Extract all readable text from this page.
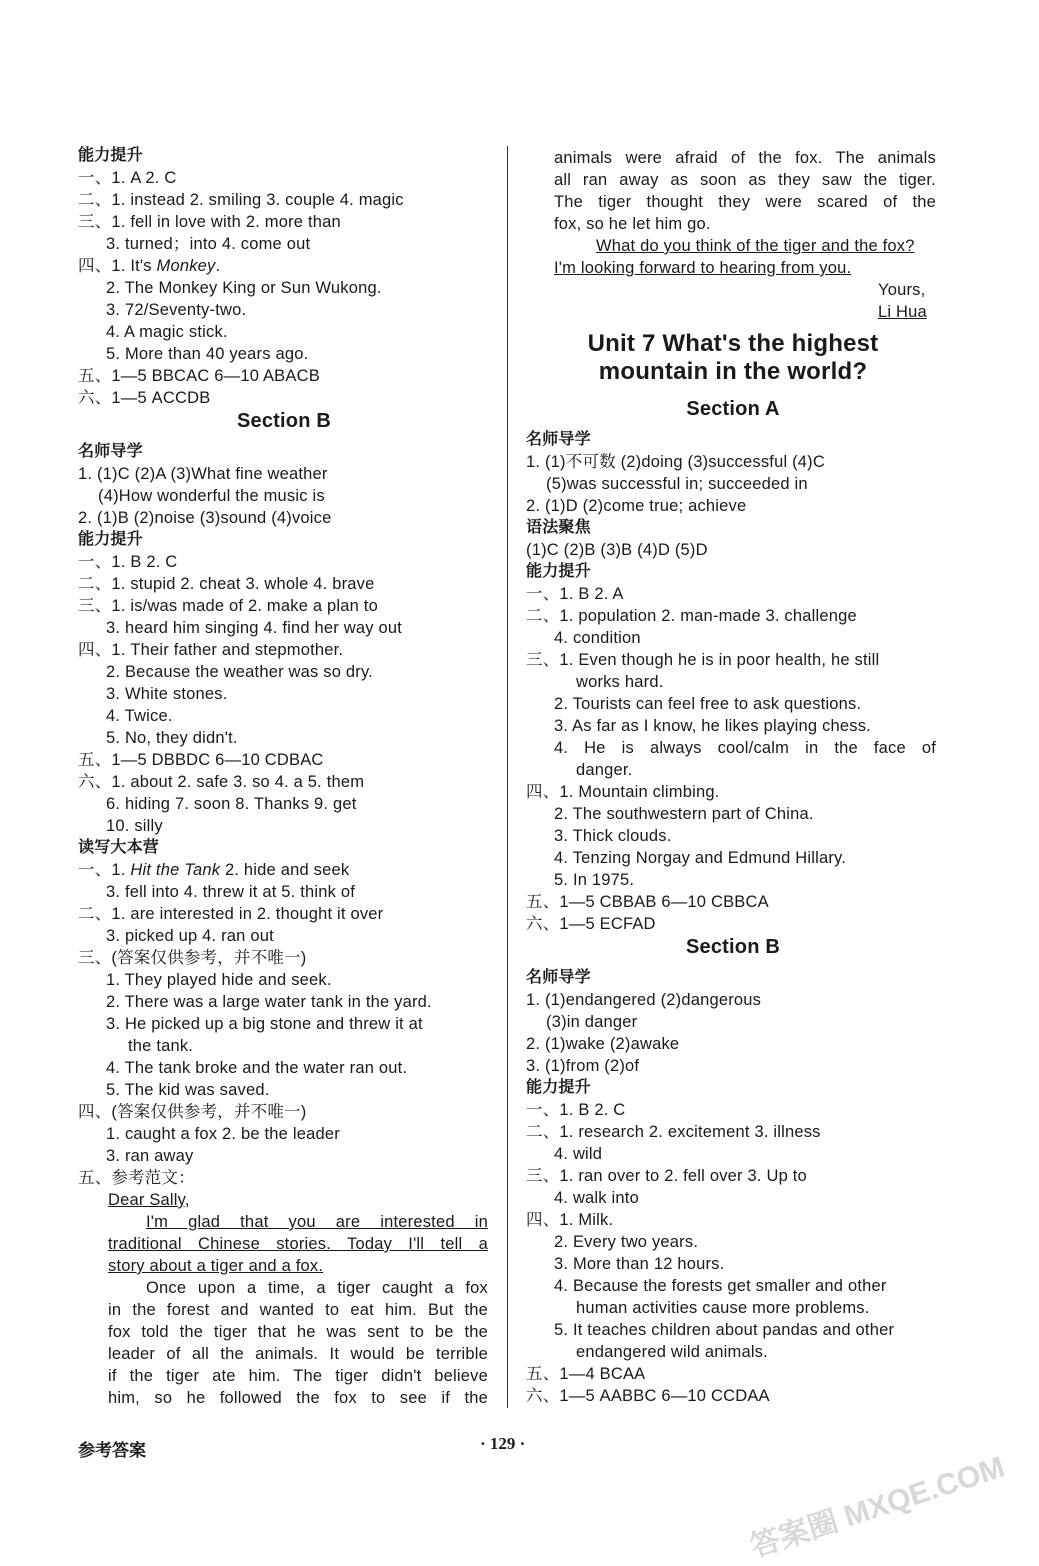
能力提升
一、1. A 2. C
二、1. instead 2. smiling 3. couple 4. magic
三、1. fell in love with 2. more than
3. turned；into 4. come out
四、1. It's Monkey.
2. The Monkey King or Sun Wukong.
3. 72/Seventy-two.
4. A magic stick.
5. More than 40 years ago.
五、1—5 BBCAC 6—10 ABACB
六、1—5 ACCDB
Section B
名师导学
1. (1)C (2)A (3)What fine weather
(4)How wonderful the music is
2. (1)B (2)noise (3)sound (4)voice
能力提升
一、1. B 2. C
二、1. stupid 2. cheat 3. whole 4. brave
三、1. is/was made of 2. make a plan to
3. heard him singing 4. find her way out
四、1. Their father and stepmother.
2. Because the weather was so dry.
3. White stones.
4. Twice.
5. No, they didn't.
五、1—5 DBBDC 6—10 CDBAC
六、1. about 2. safe 3. so 4. a 5. them
6. hiding 7. soon 8. Thanks 9. get
10. silly
读写大本营
一、1. Hit the Tank 2. hide and seek
3. fell into 4. threw it at 5. think of
二、1. are interested in 2. thought it over
3. picked up 4. ran out
三、(答案仅供参考，并不唯一)
1. They played hide and seek.
2. There was a large water tank in the yard.
3. He picked up a big stone and threw it at
the tank.
4. The tank broke and the water ran out.
5. The kid was saved.
四、(答案仅供参考，并不唯一)
1. caught a fox 2. be the leader
3. ran away
五、参考范文：
Dear Sally,
I'm glad that you are interested in
traditional Chinese stories. Today I'll tell a
story about a tiger and a fox.
Once upon a time, a tiger caught a fox
in the forest and wanted to eat him. But the
fox told the tiger that he was sent to be the
leader of all the animals. It would be terrible
if the tiger ate him. The tiger didn't believe
him, so he followed the fox to see if the
animals were afraid of the fox. The animals
all ran away as soon as they saw the tiger.
The tiger thought they were scared of the
fox, so he let him go.
What do you think of the tiger and the fox?
I'm looking forward to hearing from you.
Yours,
Li Hua
Unit 7 What's the highest
mountain in the world?
Section A
名师导学
1. (1)不可数 (2)doing (3)successful (4)C
(5)was successful in; succeeded in
2. (1)D (2)come true; achieve
语法聚焦
(1)C (2)B (3)B (4)D (5)D
能力提升
一、1. B 2. A
二、1. population 2. man-made 3. challenge
4. condition
三、1. Even though he is in poor health, he still
works hard.
2. Tourists can feel free to ask questions.
3. As far as I know, he likes playing chess.
4. He is always cool/calm in the face of
danger.
四、1. Mountain climbing.
2. The southwestern part of China.
3. Thick clouds.
4. Tenzing Norgay and Edmund Hillary.
5. In 1975.
五、1—5 CBBAB 6—10 CBBCA
六、1—5 ECFAD
Section B
名师导学
1. (1)endangered (2)dangerous
(3)in danger
2. (1)wake (2)awake
3. (1)from (2)of
能力提升
一、1. B 2. C
二、1. research 2. excitement 3. illness
4. wild
三、1. ran over to 2. fell over 3. Up to
4. walk into
四、1. Milk.
2. Every two years.
3. More than 12 hours.
4. Because the forests get smaller and other
human activities cause more problems.
5. It teaches children about pandas and other
endangered wild animals.
五、1—4 BCAA
六、1—5 AABBC 6—10 CCDAA
参考答案	· 129 ·
答案圈 MXQE.COM
